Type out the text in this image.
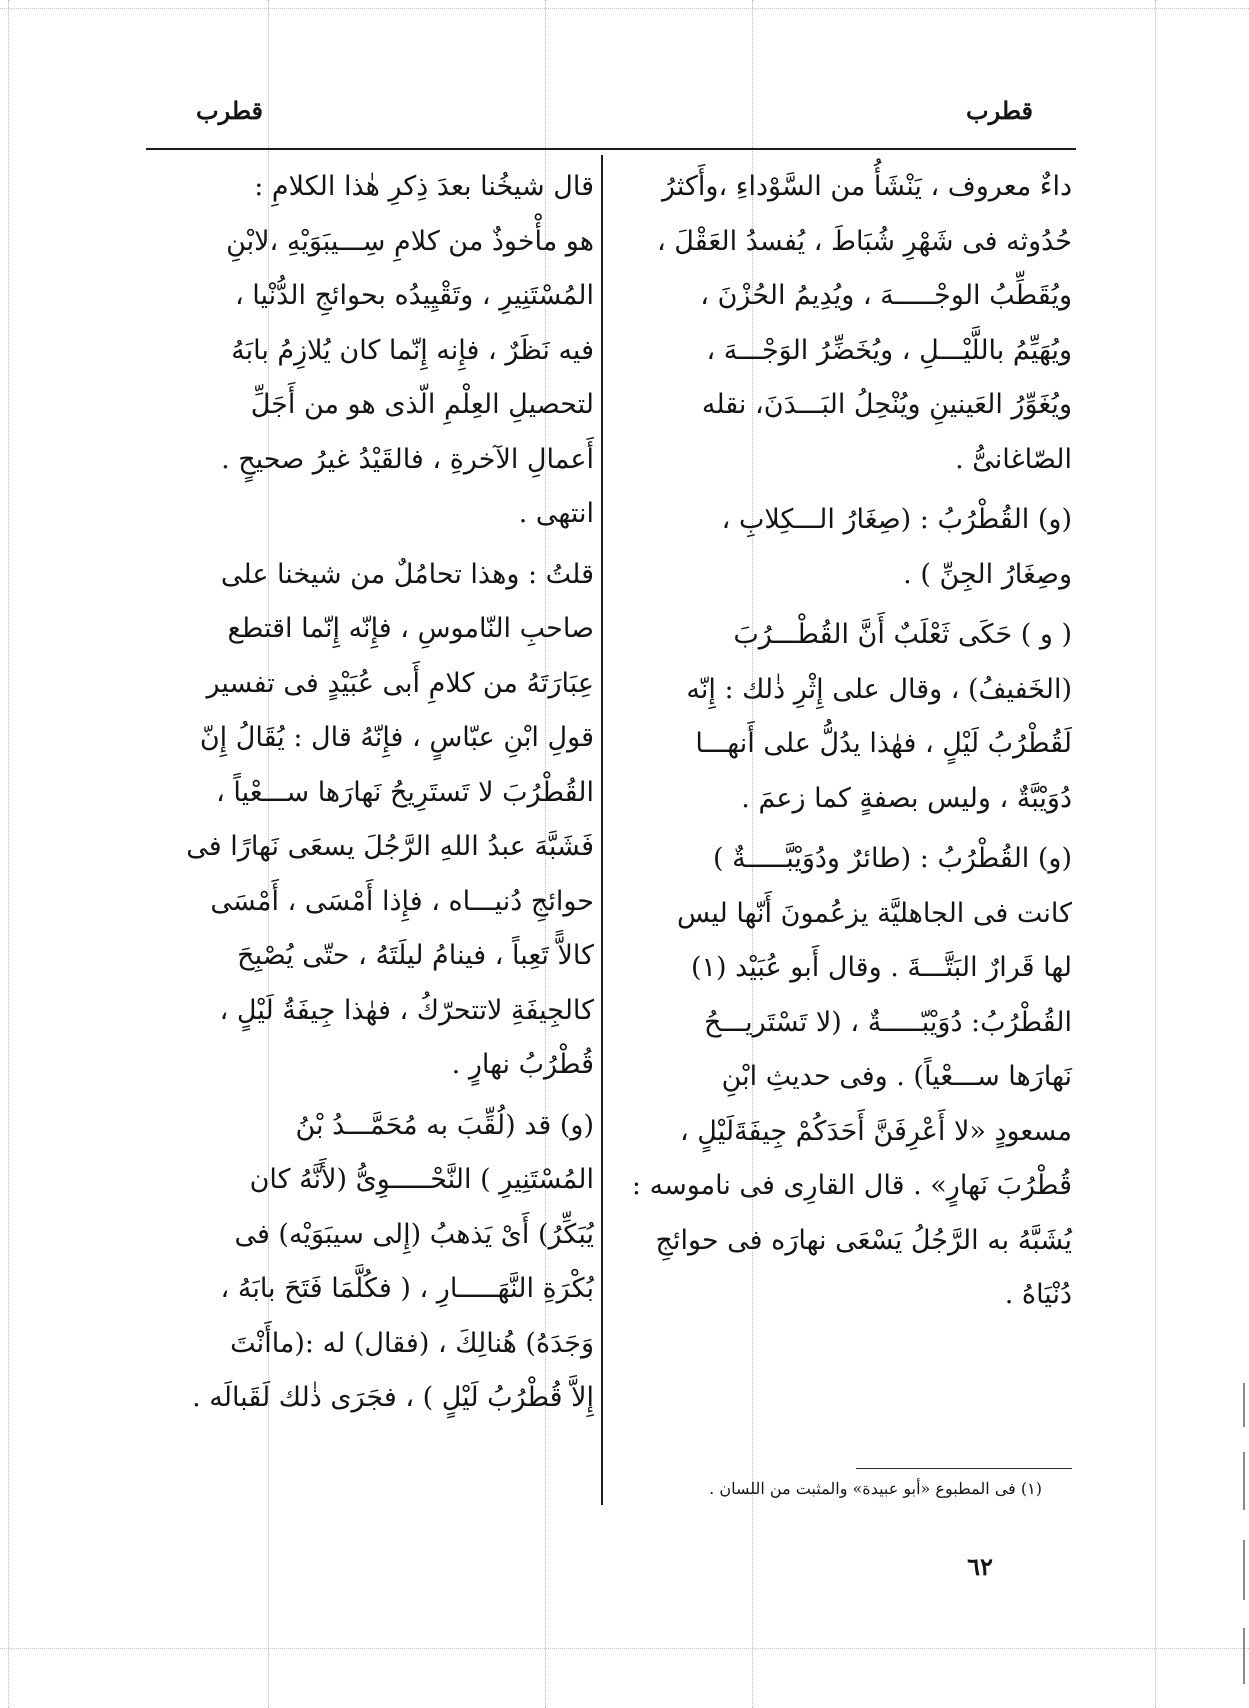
قطرب
قطرب

داءٌ معروف ، يَنْشَأُ من السَّوْداءِ ،وأَكثرُ
حُدُوثه فى شَهْرِ شُبَاطَ ، يُفسدُ العَقْلَ ،
ويُقَطِّبُ الوجْـــــهَ ، ويُدِيمُ الحُزْنَ ،
ويُهَيِّمُ باللَّيْـــلِ ، ويُخَضِّرُ الوَجْـــهَ ،
ويُغَوِّرُ العَينينِ ويُنْحِلُ البَـــدَنَ، نقله
الصّاغانىُّ .

(و) القُطْرُبُ : (صِغَارُ الـــكِلابِ ،
وصِغَارُ الجِنِّ ) .

( و ) حَكَى ثَعْلَبٌ أَنَّ القُطْـــرُبَ
(الخَفيفُ) ، وقال على إِثْرِ ذٰلك : إِنّه
لَقُطْرُبُ لَيْلٍ ، فهٰذا يدُلُّ على أَنهـــا
دُوَيْبَّةٌ ، وليس بصفةٍ كما زعمَ .

(و) القُطْرُبُ : (طائرٌ ودُوَيْبَّـــــةٌ )
كانت فى الجاهليَّة يزعُمونَ أَنّها ليس
لها قَرارٌ البَتَّـــةَ . وقال أَبو عُبَيْد (١)
القُطْرُبُ: دُوَيْبّـــــةٌ ، (لا تَسْتَريـــحُ
نَهارَها ســـعْياً) . وفى حديثِ ابْنِ
مسعودٍ «لا أَعْرِفَنَّ أَحَدَكُمْ جِيفَةَلَيْلٍ ،
قُطْرُبَ نَهارٍ» . قال القارِى فى ناموسه :
يُشَبَّهُ به الرَّجُلُ يَسْعَى نهارَه فى حوائجِ
دُنْيَاهُ .

قال شيخُنا بعدَ ذِكرِ هٰذا الكلامِ :
هو مأْخوذٌ من كلامِ سِـــيبَوَيْهِ ،لابْنِ
المُسْتَنِيرِ ، وتَقْيِيدُه بحوائجِ الدُّنْيا ،
فيه نَظَرٌ ، فإِنه إِنّما كان يُلازِمُ بابَهُ
لتحصيلِ العِلْمِ الّذى هو من أَجَلِّ
أَعمالِ الآخرةِ ، فالقَيْدُ غيرُ صحيحٍ .
انتهى .

قلتُ : وهذا تحامُلٌ من شيخنا على
صاحبِ النّاموسِ ، فإِنّه إِنّما اقتطع
عِبَارَتَهُ من كلامِ أَبى عُبَيْدٍ فى تفسير
قولِ ابْنِ عبّاسٍ ، فإِنّهُ قال : يُقَالُ إِنّ
القُطْرُبَ لا تَستَرِيحُ نَهارَها ســـعْياً ،
فَشَبَّهَ عبدُ اللهِ الرَّجُلَ يسعَى نَهارًا فى
حوائجِ دُنيـــاه ، فإِذا أَمْسَى ، أَمْسَى
كالاًّ تَعِباً ، فينامُ ليلَتَهُ ، حتّى يُصْبِحَ
كالجِيفَةِ لاتتحرّكُ ، فهٰذا جِيفَةُ لَيْلٍ ،
قُطْرُبُ نهارٍ .

(و) قد (لُقِّبَ به مُحَمَّـــدُ بْنُ
المُسْتَنِيرِ ) النَّحْـــــوِىُّ (لأَنَّهُ كان
يُبَكِّرُ) أَىْ يَذهبُ (إِلى سيبَوَيْه) فى
بُكْرَةِ النَّهَـــــارِ ، ( فكُلَّمَا فَتَحَ بابَهُ ،
وَجَدَهُ) هُنالِكَ ، (فقال) له :(ماأَنْتَ
إِلاَّ قُطْرُبُ لَيْلٍ ) ، فجَرَى ذٰلك لَقَبالَه .

(١) فى المطبوع «أبو عبيدة» والمثبت من اللسان .
٦٢
